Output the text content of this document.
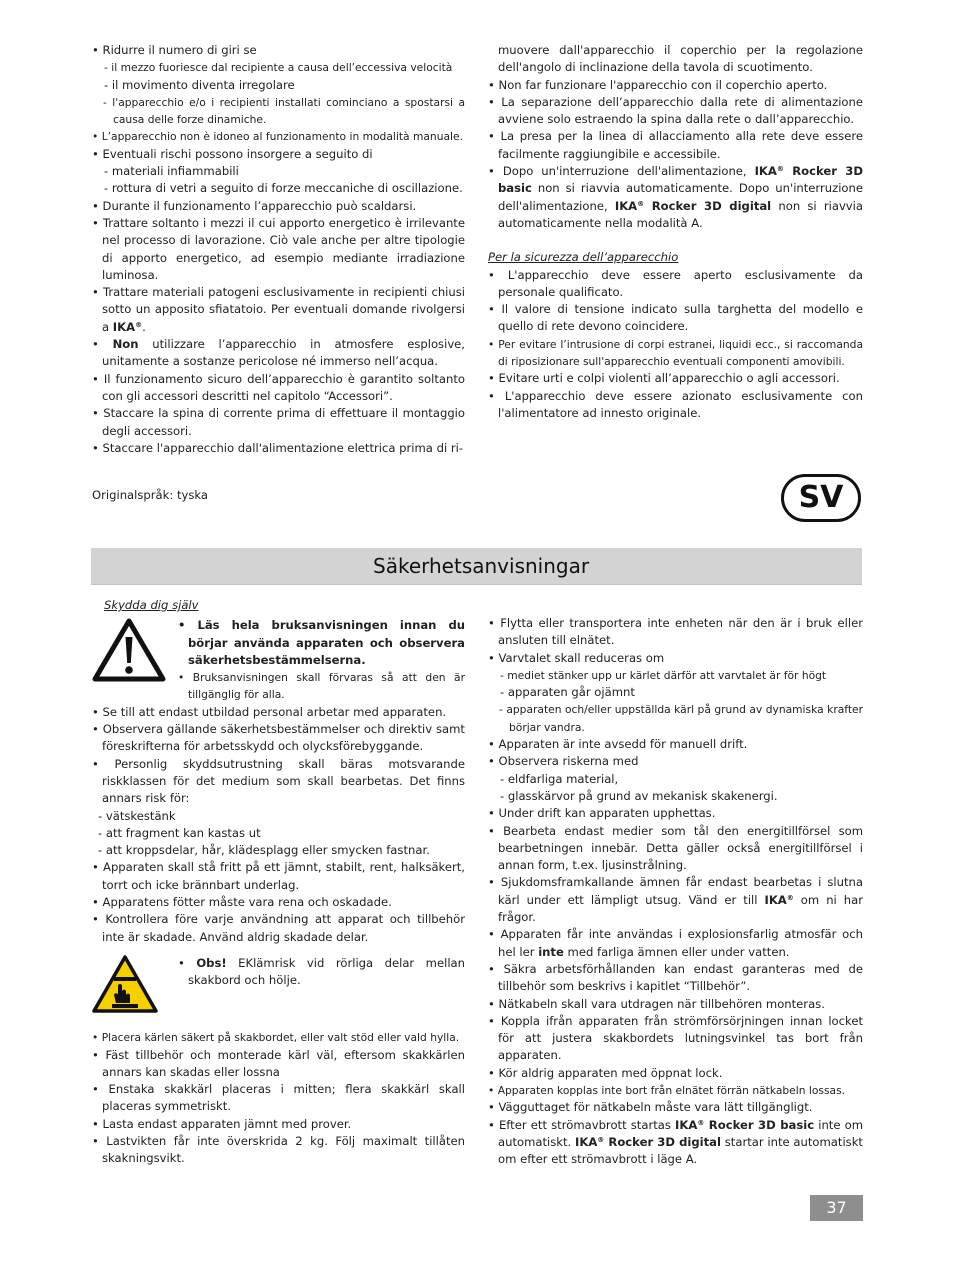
• Ridurre il numero di giri se

- il mezzo fuoriesce dal recipiente a causa dell’eccessiva velocità

- il movimento diventa irregolare

- l'apparecchio e/o i recipienti installati cominciano a spostarsi a causa delle forze dinamiche.

• L’apparecchio non è idoneo al funzionamento in modalità manuale.

• Eventuali rischi possono insorgere a seguito di

- materiali infiammabili

- rottura di vetri a seguito di forze meccaniche di oscillazione.

• Durante il funzionamento l’apparecchio può scaldarsi.

• Trattare soltanto i mezzi il cui apporto energetico è irrilevante nel processo di lavorazione. Ciò vale anche per altre tipologie di apporto energetico, ad esempio mediante irradiazione luminosa.

• Trattare materiali patogeni esclusivamente in recipienti chiusi sotto un apposito sfiatatoio. Per eventuali domande rivolgersi a IKA®.

• Non utilizzare l’apparecchio in atmosfere esplosive, unitamente a sostanze pericolose né immerso nell’acqua.

• Il funzionamento sicuro dell’apparecchio è garantito soltanto con gli accessori descritti nel capitolo “Accessori”.

• Staccare la spina di corrente prima di effettuare il montaggio degli accessori.

• Staccare l'apparecchio dall'alimentazione elettrica prima di ri-

muovere dall'apparecchio il coperchio per la regolazione dell'angolo di inclinazione della tavola di scuotimento.

• Non far funzionare l'apparecchio con il coperchio aperto.

• La separazione dell’apparecchio dalla rete di alimentazione avviene solo estraendo la spina dalla rete o dall’apparecchio.

• La presa per la linea di allacciamento alla rete deve essere facilmente raggiungibile e accessibile.

• Dopo un'interruzione dell'alimentazione, IKA® Rocker 3D basic non si riavvia automaticamente. Dopo un'interruzione dell'alimentazione, IKA® Rocker 3D digital non si riavvia automaticamente nella modalità A.

Per la sicurezza dell’apparecchio

• L'apparecchio deve essere aperto esclusivamente da personale qualificato.

• Il valore di tensione indicato sulla targhetta del modello e quello di rete devono coincidere.

• Per evitare l’intrusione di corpi estranei, liquidi ecc., si raccomanda di riposizionare sull'apparecchio eventuali componenti amovibili.

• Evitare urti e colpi violenti all’apparecchio o agli accessori.

• L'apparecchio deve essere azionato esclusivamente con l'alimentatore ad innesto originale.

Originalspråk: tyska	SV
Säkerhetsanvisningar

Skydda dig själv

• Läs hela bruksanvisningen innan du börjar använda apparaten och observera säkerhetsbestämmelserna.

• Bruksanvisningen skall förvaras så att den är tillgänglig för alla.

• Se till att endast utbildad personal arbetar med apparaten.

• Observera gällande säkerhetsbestämmelser och direktiv samt föreskrifterna för arbetsskydd och olycksförebyggande.

• Personlig skyddsutrustning skall bäras motsvarande riskklassen för det medium som skall bearbetas. Det finns annars risk för:

- vätskestänk

- att fragment kan kastas ut

- att kroppsdelar, hår, klädesplagg eller smycken fastnar.

• Apparaten skall stå fritt på ett jämnt, stabilt, rent, halksäkert, torrt och icke brännbart underlag.

• Apparatens fötter måste vara rena och oskadade.

• Kontrollera före varje användning att apparat och tillbehör inte är skadade. Använd aldrig skadade delar.

• Obs! EKlämrisk vid rörliga delar mellan skakbord och hölje.

• Placera kärlen säkert på skakbordet, eller valt stöd eller vald hylla.

• Fäst tillbehör och monterade kärl väl, eftersom skakkärlen annars kan skadas eller lossna

• Enstaka skakkärl placeras i mitten; flera skakkärl skall placeras symmetriskt.

• Lasta endast apparaten jämnt med prover.

• Lastvikten får inte överskrida 2 kg. Följ maximalt tillåten skakningsvikt.

• Flytta eller transportera inte enheten när den är i bruk eller ansluten till elnätet.

• Varvtalet skall reduceras om

- mediet stänker upp ur kärlet därför att varvtalet är för högt

- apparaten går ojämnt

- apparaten och/eller uppställda kärl på grund av dynamiska krafter börjar vandra.

• Apparaten är inte avsedd för manuell drift.

• Observera riskerna med

- eldfarliga material,

- glasskärvor på grund av mekanisk skakenergi.

• Under drift kan apparaten upphettas.

• Bearbeta endast medier som tål den energitillförsel som bearbetningen innebär. Detta gäller också energitillförsel i annan form, t.ex. ljusinstrålning.

• Sjukdomsframkallande ämnen får endast bearbetas i slutna kärl under ett lämpligt utsug. Vänd er till IKA® om ni har frågor.

• Apparaten får inte användas i explosionsfarlig atmosfär och hel ler inte med farliga ämnen eller under vatten.

• Säkra arbetsförhållanden kan endast garanteras med de tillbehör som beskrivs i kapitlet “Tillbehör”.

• Nätkabeln skall vara utdragen när tillbehören monteras.

• Koppla ifrån apparaten från strömförsörjningen innan locket för att justera skakbordets lutningsvinkel tas bort från apparaten.

• Kör aldrig apparaten med öppnat lock.

• Apparaten kopplas inte bort från elnätet förrän nätkabeln lossas.

• Vägguttaget för nätkabeln måste vara lätt tillgängligt.

• Efter ett strömavbrott startas IKA® Rocker 3D basic inte om automatiskt. IKA® Rocker 3D digital startar inte automatiskt om efter ett strömavbrott i läge A.

37
